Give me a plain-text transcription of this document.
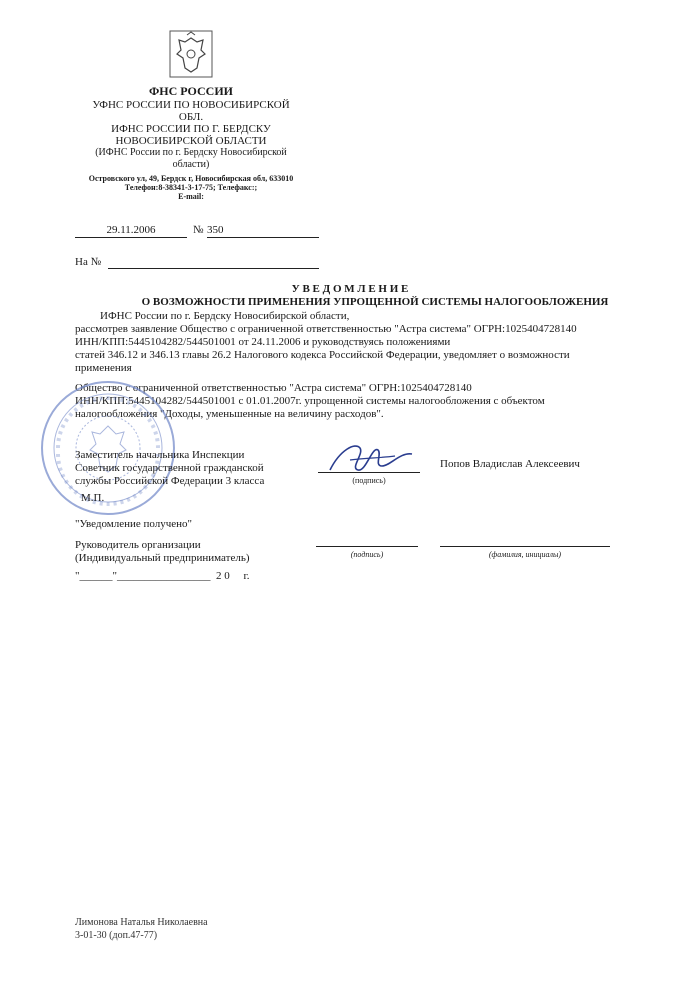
ФНС РОССИИ
УФНС РОССИИ ПО НОВОСИБИРСКОЙ ОБЛ.
ИФНС РОССИИ ПО Г. БЕРДСКУ
НОВОСИБИРСКОЙ ОБЛАСТИ
(ИФНС России по г. Бердску Новосибирской
области)
Островского ул, 49, Бердск г, Новосибирская обл, 633010
Телефон:8-38341-3-17-75; Телефакс:;
E-mail:
29.11.2006	№ 350
На №
У В Е Д О М Л Е Н И Е
О ВОЗМОЖНОСТИ ПРИМЕНЕНИЯ УПРОЩЕННОЙ СИСТЕМЫ НАЛОГООБЛОЖЕНИЯ
ИФНС России по г. Бердску Новосибирской области,
рассмотрев заявление Общество с ограниченной ответственностью "Астра система" ОГРН:1025404728140
ИНН/КПП:5445104282/544501001 от 24.11.2006 и руководствуясь положениями
статей 346.12 и 346.13 главы 26.2 Налогового кодекса Российской Федерации, уведомляет о возможности
применения
Общество с ограниченной ответственностью "Астра система" ОГРН:1025404728140
ИНН/КПП:5445104282/544501001 с 01.01.2007г. упрощенной системы налогообложения с объектом
налогообложения "Доходы, уменьшенные на величину расходов".
Заместитель начальника Инспекции
Советник государственной гражданской
службы Российской Федерации 3 класса
М.П.
(подпись)
Попов Владислав Алексеевич
"Уведомление получено"
Руководитель организации
(Индивидуальный предприниматель)
"______"_________________  2 0     г.
(подпись)	(фамилия, инициалы)
Лимонова Наталья Николаевна
3-01-30 (доп.47-77)
